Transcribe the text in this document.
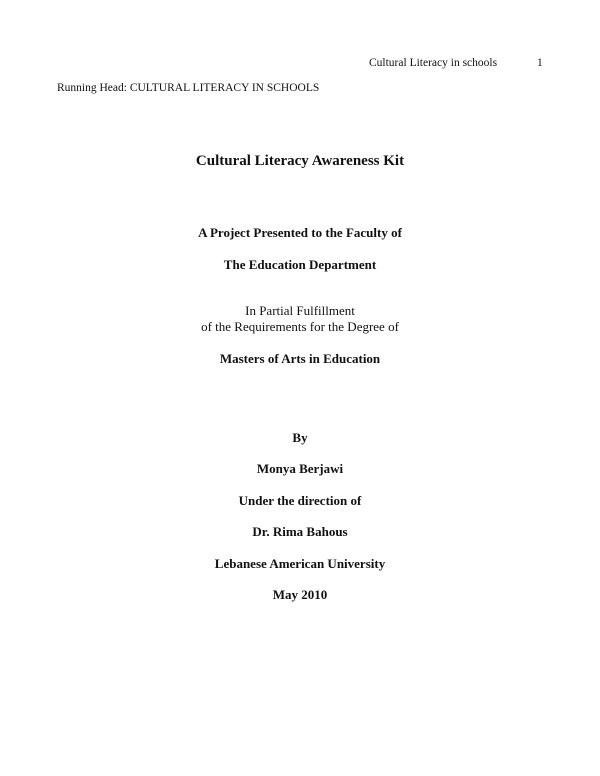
Cultural Literacy in schools	1
Running Head: CULTURAL LITERACY IN SCHOOLS
Cultural Literacy Awareness Kit
A Project Presented to the Faculty of
The Education Department
In Partial Fulfillment
of the Requirements for the Degree of
Masters of Arts in Education
By
Monya Berjawi
Under the direction of
Dr. Rima Bahous
Lebanese American University
May 2010
